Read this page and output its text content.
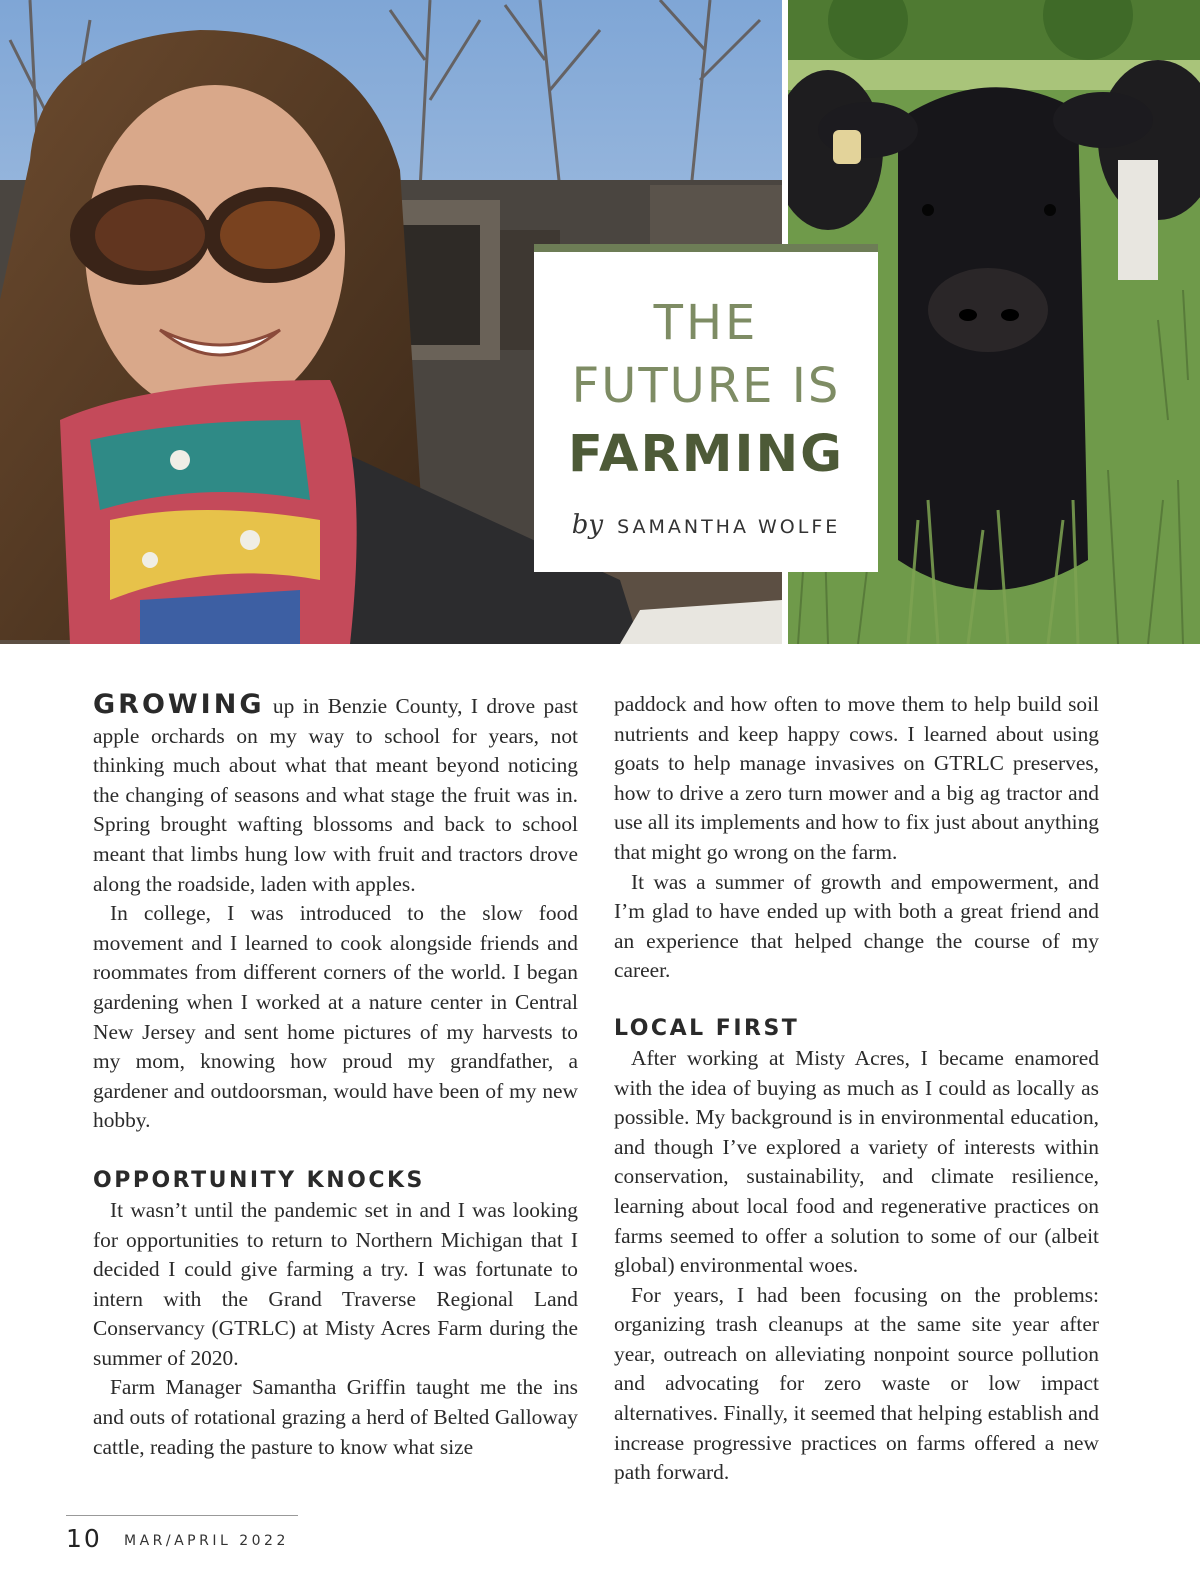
THE
FUTURE IS
FARMING
by SAMANTHA WOLFE

GROWING up in Benzie County, I drove past apple orchards on my way to school for years, not thinking much about what that meant beyond noticing the changing of seasons and what stage the fruit was in. Spring brought wafting blossoms and back to school meant that limbs hung low with fruit and tractors drove along the roadside, laden with apples.

In college, I was introduced to the slow food movement and I learned to cook alongside friends and roommates from different corners of the world. I began gardening when I worked at a nature center in Central New Jersey and sent home pictures of my harvests to my mom, knowing how proud my grandfather, a gardener and outdoorsman, would have been of my new hobby.

OPPORTUNITY KNOCKS

It wasn’t until the pandemic set in and I was looking for opportunities to return to Northern Michigan that I decided I could give farming a try. I was fortunate to intern with the Grand Traverse Regional Land Conservancy (GTRLC) at Misty Acres Farm during the summer of 2020.

Farm Manager Samantha Griffin taught me the ins and outs of rotational grazing a herd of Belted Galloway cattle, reading the pasture to know what size

paddock and how often to move them to help build soil nutrients and keep happy cows. I learned about using goats to help manage invasives on GTRLC preserves, how to drive a zero turn mower and a big ag tractor and use all its implements and how to fix just about anything that might go wrong on the farm.

It was a summer of growth and empowerment, and I’m glad to have ended up with both a great friend and an experience that helped change the course of my career.

LOCAL FIRST

After working at Misty Acres, I became enamored with the idea of buying as much as I could as locally as possible. My background is in environmental education, and though I’ve explored a variety of interests within conservation, sustainability, and climate resilience, learning about local food and regenerative practices on farms seemed to offer a solution to some of our (albeit global) environmental woes.

For years, I had been focusing on the problems: organizing trash cleanups at the same site year after year, outreach on alleviating nonpoint source pollution and advocating for zero waste or low impact alternatives. Finally, it seemed that helping establish and increase progressive practices on farms offered a new path forward.

10 MAR/APRIL 2022
